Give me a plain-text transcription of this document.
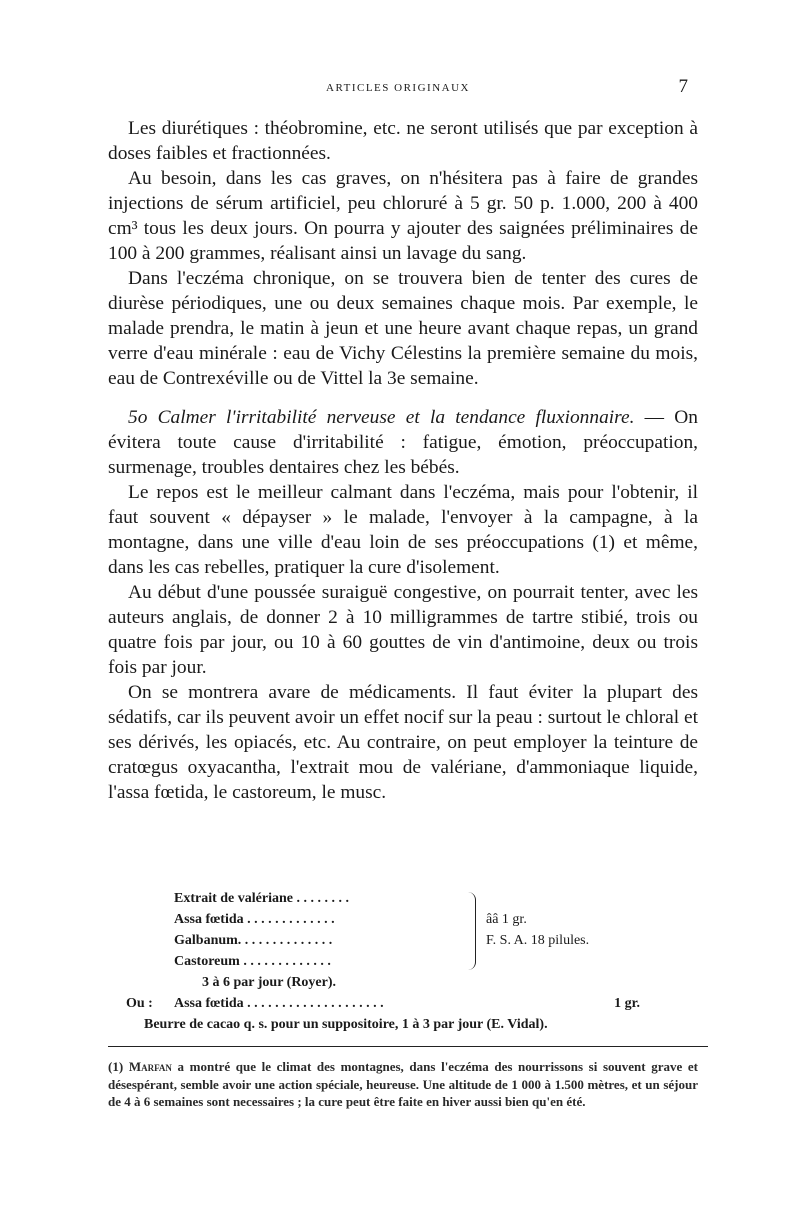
ARTICLES ORIGINAUX	7

Les diurétiques : théobromine, etc. ne seront utilisés que par exception à doses faibles et fractionnées.

Au besoin, dans les cas graves, on n'hésitera pas à faire de grandes injections de sérum artificiel, peu chloruré à 5 gr. 50 p. 1.000, 200 à 400 cm³ tous les deux jours. On pourra y ajouter des saignées préliminaires de 100 à 200 grammes, réalisant ainsi un lavage du sang.

Dans l'eczéma chronique, on se trouvera bien de tenter des cures de diurèse périodiques, une ou deux semaines chaque mois. Par exemple, le malade prendra, le matin à jeun et une heure avant chaque repas, un grand verre d'eau minérale : eau de Vichy Célestins la première semaine du mois, eau de Contrexéville ou de Vittel la 3e semaine.

5o Calmer l'irritabilité nerveuse et la tendance fluxionnaire. — On évitera toute cause d'irritabilité : fatigue, émotion, préoccupation, surmenage, troubles dentaires chez les bébés.

Le repos est le meilleur calmant dans l'eczéma, mais pour l'obtenir, il faut souvent « dépayser » le malade, l'envoyer à la campagne, à la montagne, dans une ville d'eau loin de ses préoccupations (1) et même, dans les cas rebelles, pratiquer la cure d'isolement.

Au début d'une poussée suraiguë congestive, on pourrait tenter, avec les auteurs anglais, de donner 2 à 10 milligrammes de tartre stibié, trois ou quatre fois par jour, ou 10 à 60 gouttes de vin d'antimoine, deux ou trois fois par jour.

On se montrera avare de médicaments. Il faut éviter la plupart des sédatifs, car ils peuvent avoir un effet nocif sur la peau : surtout le chloral et ses dérivés, les opiacés, etc. Au contraire, on peut employer la teinture de cratœgus oxyacantha, l'extrait mou de valériane, d'ammoniaque liquide, l'assa fœtida, le castoreum, le musc.

Extrait de valériane . . . . . . . .
Assa fœtida . . . . . . . . . . . . .
Galbanum. . . . . . . . . . . . . .
Castoreum . . . . . . . . . . . . .
ââ 1 gr.
F. S. A. 18 pilules.
3 à 6 par jour (Royer).
Ou : Assa fœtida . . . . . . . . . . . . . . . . . . . .	1 gr.
Beurre de cacao q. s. pour un suppositoire, 1 à 3 par jour (E. Vidal).
(1) Marfan a montré que le climat des montagnes, dans l'eczéma des nourrissons si souvent grave et désespérant, semble avoir une action spéciale, heureuse. Une altitude de 1 000 à 1.500 mètres, et un séjour de 4 à 6 semaines sont necessaires ; la cure peut être faite en hiver aussi bien qu'en été.
